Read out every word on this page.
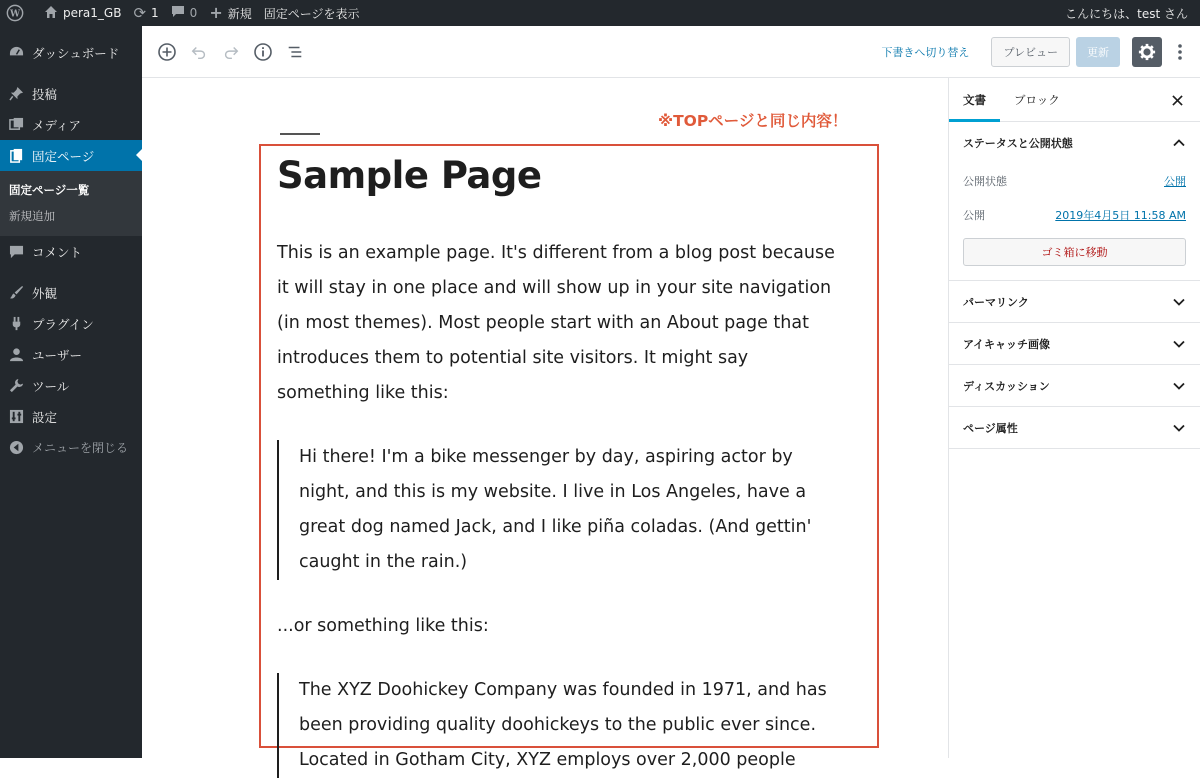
W	pera1_GB ⟳ 1	0 + 新規 固定ページを表示	こんにちは、test さん
ダッシュボード
投稿
メディア
固定ページ
固定ページ一覧
新規追加
コメント
外観
プラグイン
ユーザー
ツール
設定
メニューを閉じる
下書きへ切り替え	プレビュー	更新
※TOPページと同じ内容！
Sample Page

This is an example page. It's different from a blog post because it will stay in one place and will show up in your site navigation (in most themes). Most people start with an About page that introduces them to potential site visitors. It might say something like this:

Hi there! I'm a bike messenger by day, aspiring actor by night, and this is my website. I live in Los Angeles, have a great dog named Jack, and I like piña coladas. (And gettin' caught in the rain.)

...or something like this:

The XYZ Doohickey Company was founded in 1971, and has been providing quality doohickeys to the public ever since. Located in Gotham City, XYZ employs over 2,000 people
文書	ブロック
ステータスと公開状態
公開状態	公開
公開	2019年4月5日 11:58 AM
ゴミ箱に移動
パーマリンク
アイキャッチ画像
ディスカッション
ページ属性
